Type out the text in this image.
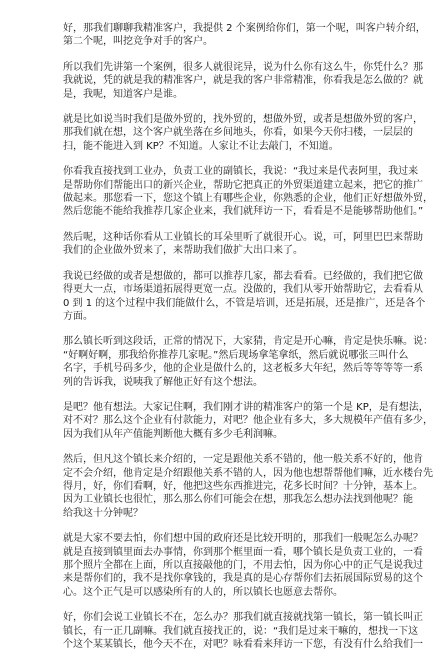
好，那我们聊聊我精准客户，我提供 2 个案例给你们，第一个呢，叫客户转介绍，
第二个呢，叫挖竞争对手的客户。

所以我们先讲第一个案例，很多人就很诧异，说为什么你有这么牛，你凭什么？那
我就说，凭的就是我的精准客户，就是我的客户非常精准，你看我是怎么做的？就
是，我呢，知道客户是谁。

就是比如说当时我们是做外贸的，找外贸的，想做外贸，或者是想做外贸的客户，
那我们就在想，这个客户就坐落在乡间地头，你看，如果今天你扫楼，一层层的
扫，能不能进入到 KP？不知道。人家让不让去敲门，不知道。

你看我直接找到工业办，负责工业的副镇长，我说：“我过来是代表阿里，我过来
是帮助你们帮能出口的新兴企业，帮助它把真正的外贸渠道建立起来，把它的推广
做起来。那您看一下，您这个镇上有哪些企业，你熟悉的企业，他们正好想做外贸，
然后您能不能给我推荐几家企业来，我们就拜访一下，看看是不是能够帮助他们。”

然后呢，这种话你看从工业镇长的耳朵里听了就很开心。说，可，阿里巴巴来帮助
我们的企业做外贸来了，来帮助我们做扩大出口来了。

我说已经做的或者是想做的，都可以推荐几家，都去看看。已经做的，我们把它做
得更大一点，市场渠道拓展得更宽一点。没做的，我们从零开始帮助它，去看看从
0 到 1 的这个过程中我们能做什么，不管是培训，还是拓展，还是推广，还是各个
方面。

那么镇长听到这段话，正常的情况下，大家猜，肯定是开心嘛，肯定是快乐嘛。说：
“好啊好啊，那我给你推荐几家呢。”然后现场拿笔拿纸，然后就说哪张三叫什么
名字，手机号码多少，他的企业是做什么的，这老板多大年纪，然后等等等等一系
列的告诉我，说咦我了解他正好有这个想法。

是吧？他有想法。大家记住啊，我们刚才讲的精准客户的第一个是 KP，是有想法，
对不对？那么这个企业有付款能力，对吧？他企业有多大，多大规模年产值有多少，
因为我们从年产值能判断他大概有多少毛利润嘛。

然后，但凡这个镇长来介绍的，一定是跟他关系不错的，他一般关系不好的，他肯
定不会介绍，他肯定是介绍跟他关系不错的人，因为他也想帮帮他们嘛，近水楼台先
得月，好，你们看啊，好，他把这些东西推进完，花多长时间？十分钟，基本上。
因为工业镇长也很忙，那么那么你们可能会在想，那我怎么想办法找到他呢？能
给我这十分钟呢？

就是大家不要去怕，你们想中国的政府还是比较开明的，那我们一般呢怎么办呢？
就是直接到镇里面去办事情，你到那个框里面一看，哪个镇长是负责工业的，一看
那个照片全都在上面，所以直接敲他的门，不用去怕，因为你心中的正气是说我过
来是帮你们的，我不是找你拿钱的，我是真的是心存帮你们去拓展国际贸易的这个
心。这个正气是可以感染所有的人的，所以镇长也愿意去帮你。

好，你们会说工业镇长不在，怎么办？那我们就直接就找第一镇长，第一镇长叫正
镇长，有一正几副嘛。我们就直接找正的，说：“我们是过来干嘛的，想找一下这
个这个某某镇长，他今天不在，对吧？咏看看来拜访一下您，有没有什么给我们一
